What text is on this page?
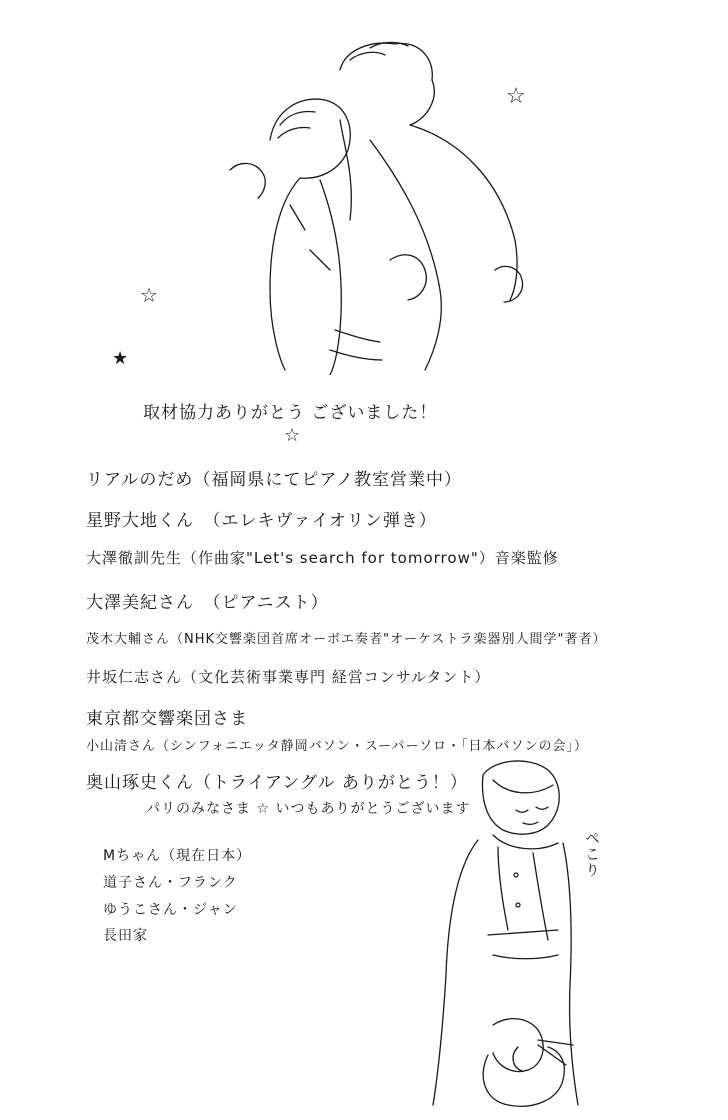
☆
☆
★
☆
取材協力ありがとう ございました！
リアルのだめ（福岡県にてピアノ教室営業中）
星野大地くん　（エレキヴァイオリン弾き）
大澤徹訓先生（作曲家"Let's search for tomorrow"）音楽監修
大澤美紀さん　（ピアニスト）
茂木大輔さん（NHK交響楽団首席オーボエ奏者"オーケストラ楽器別人間学"著者）
井坂仁志さん（文化芸術事業専門 経営コンサルタント）
東京都交響楽団さま
小山清さん（シンフォニエッタ静岡バソン・スーパーソロ・「日本バソンの会」）
奥山琢史くん（トライアングル ありがとう！）
パリのみなさま ☆ いつもありがとうございます
Mちゃん（現在日本）
道子さん・フランク
ゆうこさん・ジャン
長田家
ペこり
